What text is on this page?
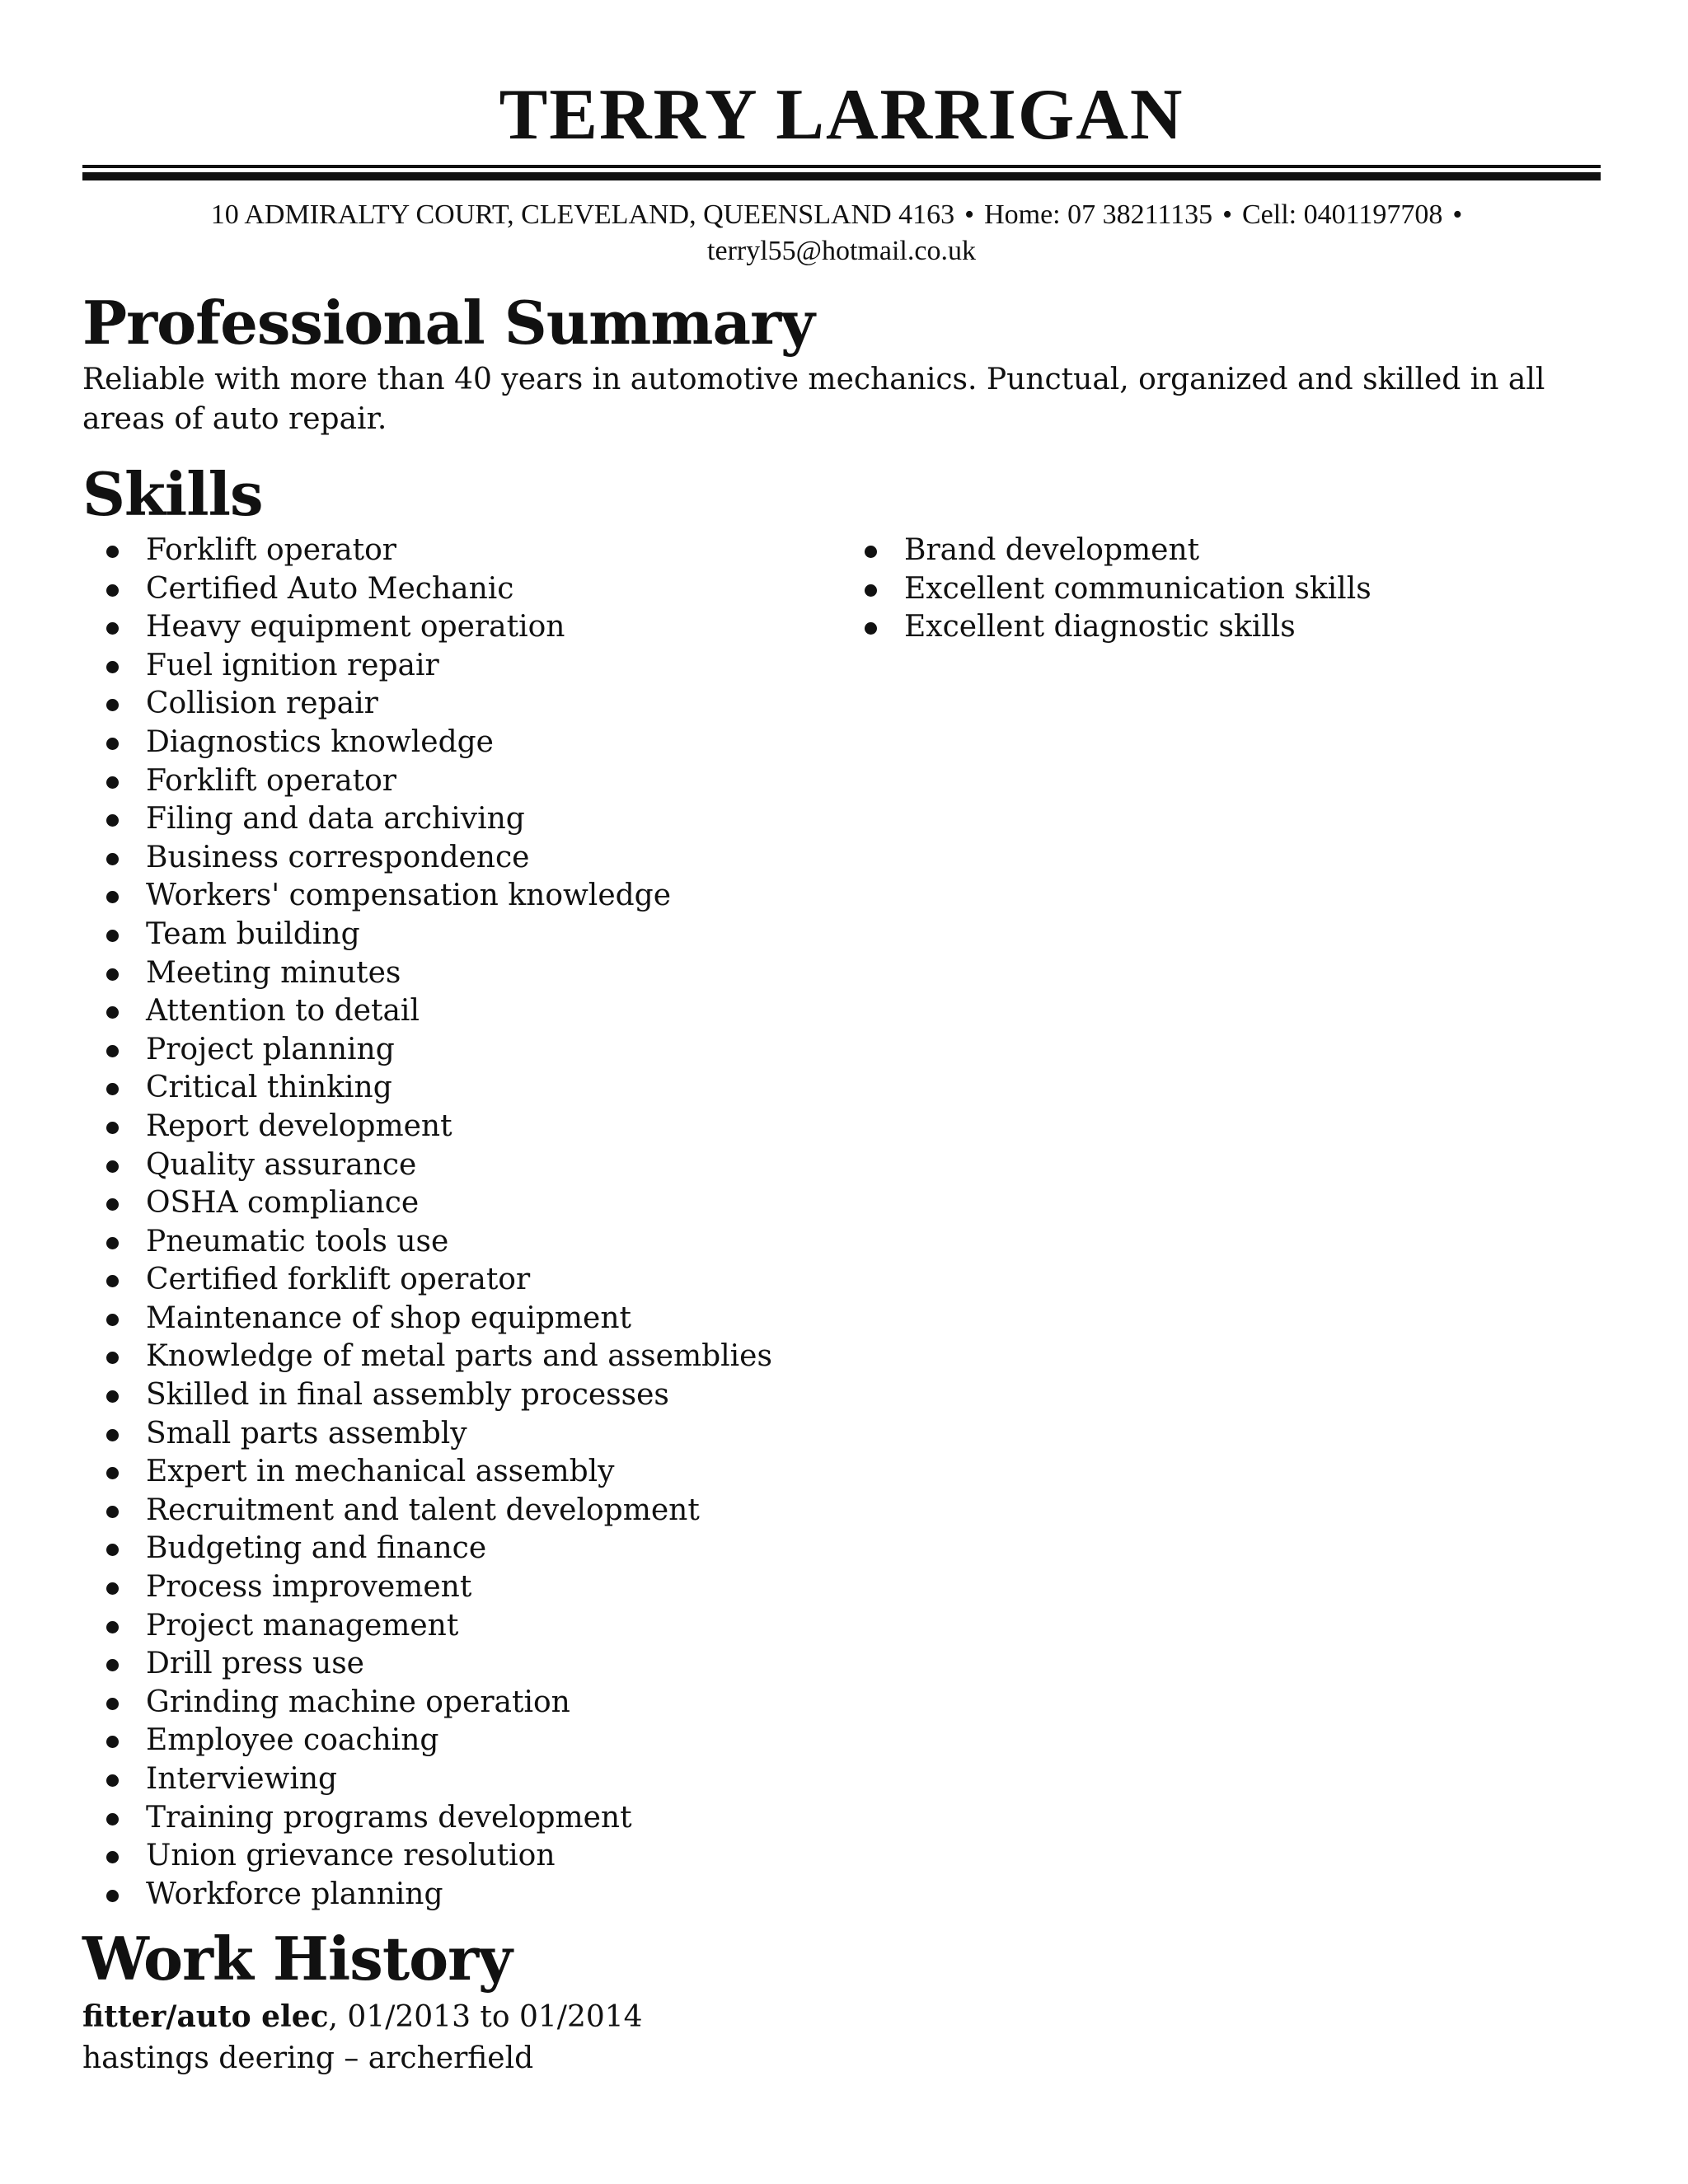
TERRY LARRIGAN
10 ADMIRALTY COURT, CLEVELAND, QUEENSLAND 4163 • Home: 07 38211135 • Cell: 0401197708 •
terryl55@hotmail.co.uk
Professional Summary

Reliable with more than 40 years in automotive mechanics. Punctual, organized and skilled in all areas of auto repair.

Skills
Forklift operator
Certified Auto Mechanic
Heavy equipment operation
Fuel ignition repair
Collision repair
Diagnostics knowledge
Forklift operator
Filing and data archiving
Business correspondence
Workers' compensation knowledge
Team building
Meeting minutes
Attention to detail
Project planning
Critical thinking
Report development
Quality assurance
OSHA compliance
Pneumatic tools use
Certified forklift operator
Maintenance of shop equipment
Knowledge of metal parts and assemblies
Skilled in final assembly processes
Small parts assembly
Expert in mechanical assembly
Recruitment and talent development
Budgeting and finance
Process improvement
Project management
Drill press use
Grinding machine operation
Employee coaching
Interviewing
Training programs development
Union grievance resolution
Workforce planning
Brand development
Excellent communication skills
Excellent diagnostic skills
Work History

fitter/auto elec, 01/2013 to 01/2014

hastings deering – archerfield
